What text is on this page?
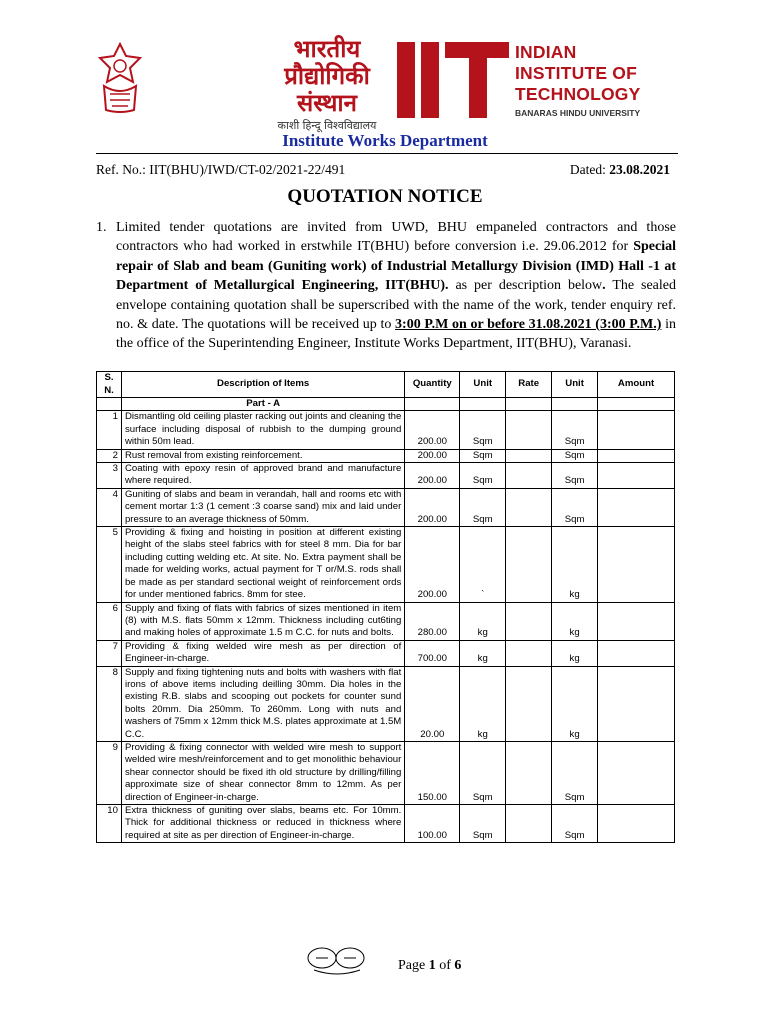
भारतीय
प्रौद्योगिकी
संस्थान
काशी हिन्दू विश्वविद्यालय
INDIAN
INSTITUTE OF
TECHNOLOGY
BANARAS HINDU UNIVERSITY
Institute Works Department
Ref. No.: IIT(BHU)/IWD/CT-02/2021-22/491	Dated: 23.08.2021
QUOTATION NOTICE
1. Limited tender quotations are invited from UWD, BHU empaneled contractors and those contractors who had worked in erstwhile IT(BHU) before conversion i.e. 29.06.2012 for Special repair of Slab and beam (Guniting work) of Industrial Metallurgy Division (IMD) Hall -1 at Department of Metallurgical Engineering, IIT(BHU). as per description below. The sealed envelope containing quotation shall be superscribed with the name of the work, tender enquiry ref. no. & date. The quotations will be received up to 3:00 P.M on or before 31.08.2021 (3:00 P.M.) in the office of the Superintending Engineer, Institute Works Department, IIT(BHU), Varanasi.
S. N.	Description of Items	Quantity	Unit	Rate	Unit	Amount
	Part - A					
1	Dismantling old ceiling plaster racking out joints and cleaning the surface including disposal of rubbish to the dumping ground within 50m lead.	200.00	Sqm		Sqm	
2	Rust removal from existing reinforcement.	200.00	Sqm		Sqm	
3	Coating with epoxy resin of approved brand and manufacture where required.	200.00	Sqm		Sqm	
4	Guniting of slabs and beam in verandah, hall and rooms etc with cement mortar 1:3 (1 cement :3 coarse sand) mix and laid under pressure to an average thickness of 50mm.	200.00	Sqm		Sqm	
5	Providing & fixing and hoisting in position at different existing height of the slabs steel fabrics with for steel 8 mm. Dia for bar including cutting welding etc. At site. No. Extra payment shall be made for welding works, actual payment for T or/M.S. rods shall be made as per standard sectional weight of reinforcement ords for under mentioned fabrics. 8mm for stee.	200.00	`		kg	
6	Supply and fixing of flats with fabrics of sizes mentioned in item (8) with M.S. flats 50mm x 12mm. Thickness including cut6ting and making holes of approximate 1.5 m C.C. for nuts and bolts.	280.00	kg		kg	
7	Providing & fixing welded wire mesh as per direction of Engineer-in-charge.	700.00	kg		kg	
8	Supply and fixing tightening nuts and bolts with washers with flat irons of above items including deilling 30mm. Dia holes in the existing R.B. slabs and scooping out pockets for counter sund bolts 20mm. Dia 250mm. To 260mm. Long with nuts and washers of 75mm x 12mm thick M.S. plates approximate at 1.5M C.C.	20.00	kg		kg	
9	Providing & fixing connector with welded wire mesh to support welded wire mesh/reinforcement and to get monolithic behaviour shear connector should be fixed ith old structure by drilling/filling approximate size of shear connector 8mm to 12mm. As per direction of Engineer-in-charge.	150.00	Sqm		Sqm	
10	Extra thickness of guniting over slabs, beams etc. For 10mm. Thick for additional thickness or reduced in thickness where required at site as per direction of Engineer-in-charge.	100.00	Sqm		Sqm	
Page 1 of 6
